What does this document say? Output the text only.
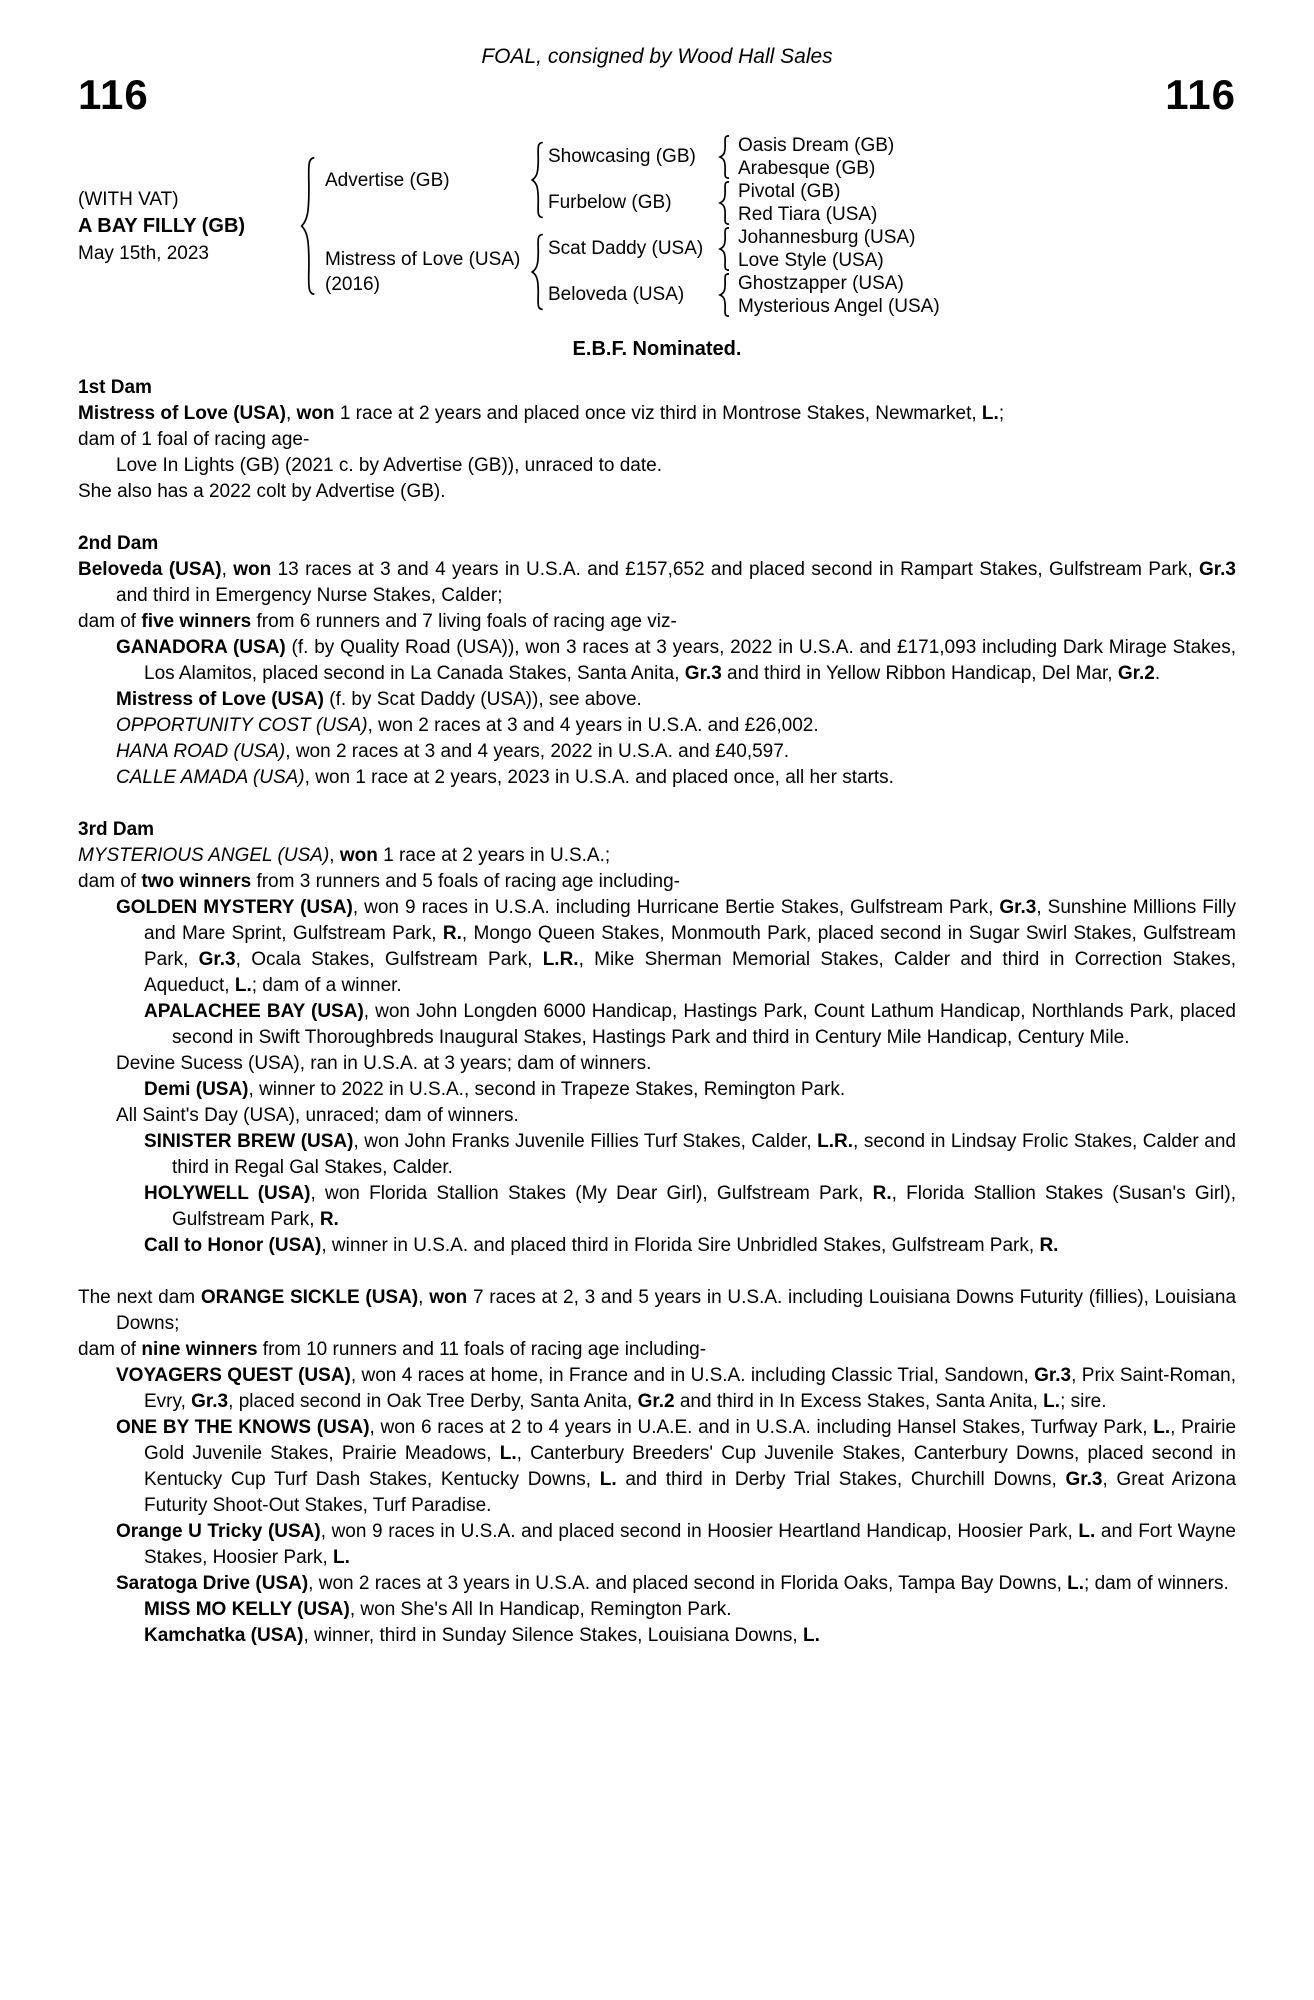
FOAL, consigned by Wood Hall Sales
116	116
(WITH VAT)
A BAY FILLY (GB)
May 15th, 2023
Advertise (GB)
Showcasing (GB)
Oasis Dream (GB)
Arabesque (GB)
Furbelow (GB)
Pivotal (GB)
Red Tiara (USA)
Mistress of Love (USA)
(2016)
Scat Daddy (USA)
Johannesburg (USA)
Love Style (USA)
Beloveda (USA)
Ghostzapper (USA)
Mysterious Angel (USA)
E.B.F. Nominated.
1st Dam

Mistress of Love (USA), won 1 race at 2 years and placed once viz third in Montrose Stakes, Newmarket, L.;

dam of 1 foal of racing age-

Love In Lights (GB) (2021 c. by Advertise (GB)), unraced to date.

She also has a 2022 colt by Advertise (GB).

2nd Dam

Beloveda (USA), won 13 races at 3 and 4 years in U.S.A. and £157,652 and placed second in Rampart Stakes, Gulfstream Park, Gr.3 and third in Emergency Nurse Stakes, Calder;

dam of five winners from 6 runners and 7 living foals of racing age viz-

GANADORA (USA) (f. by Quality Road (USA)), won 3 races at 3 years, 2022 in U.S.A. and £171,093 including Dark Mirage Stakes, Los Alamitos, placed second in La Canada Stakes, Santa Anita, Gr.3 and third in Yellow Ribbon Handicap, Del Mar, Gr.2.

Mistress of Love (USA) (f. by Scat Daddy (USA)), see above.

OPPORTUNITY COST (USA), won 2 races at 3 and 4 years in U.S.A. and £26,002.

HANA ROAD (USA), won 2 races at 3 and 4 years, 2022 in U.S.A. and £40,597.

CALLE AMADA (USA), won 1 race at 2 years, 2023 in U.S.A. and placed once, all her starts.

3rd Dam

MYSTERIOUS ANGEL (USA), won 1 race at 2 years in U.S.A.;

dam of two winners from 3 runners and 5 foals of racing age including-

GOLDEN MYSTERY (USA), won 9 races in U.S.A. including Hurricane Bertie Stakes, Gulfstream Park, Gr.3, Sunshine Millions Filly and Mare Sprint, Gulfstream Park, R., Mongo Queen Stakes, Monmouth Park, placed second in Sugar Swirl Stakes, Gulfstream Park, Gr.3, Ocala Stakes, Gulfstream Park, L.R., Mike Sherman Memorial Stakes, Calder and third in Correction Stakes, Aqueduct, L.; dam of a winner.

APALACHEE BAY (USA), won John Longden 6000 Handicap, Hastings Park, Count Lathum Handicap, Northlands Park, placed second in Swift Thoroughbreds Inaugural Stakes, Hastings Park and third in Century Mile Handicap, Century Mile.

Devine Sucess (USA), ran in U.S.A. at 3 years; dam of winners.

Demi (USA), winner to 2022 in U.S.A., second in Trapeze Stakes, Remington Park.

All Saint's Day (USA), unraced; dam of winners.

SINISTER BREW (USA), won John Franks Juvenile Fillies Turf Stakes, Calder, L.R., second in Lindsay Frolic Stakes, Calder and third in Regal Gal Stakes, Calder.

HOLYWELL (USA), won Florida Stallion Stakes (My Dear Girl), Gulfstream Park, R., Florida Stallion Stakes (Susan's Girl), Gulfstream Park, R.

Call to Honor (USA), winner in U.S.A. and placed third in Florida Sire Unbridled Stakes, Gulfstream Park, R.

The next dam ORANGE SICKLE (USA), won 7 races at 2, 3 and 5 years in U.S.A. including Louisiana Downs Futurity (fillies), Louisiana Downs;

dam of nine winners from 10 runners and 11 foals of racing age including-

VOYAGERS QUEST (USA), won 4 races at home, in France and in U.S.A. including Classic Trial, Sandown, Gr.3, Prix Saint-Roman, Evry, Gr.3, placed second in Oak Tree Derby, Santa Anita, Gr.2 and third in In Excess Stakes, Santa Anita, L.; sire.

ONE BY THE KNOWS (USA), won 6 races at 2 to 4 years in U.A.E. and in U.S.A. including Hansel Stakes, Turfway Park, L., Prairie Gold Juvenile Stakes, Prairie Meadows, L., Canterbury Breeders' Cup Juvenile Stakes, Canterbury Downs, placed second in Kentucky Cup Turf Dash Stakes, Kentucky Downs, L. and third in Derby Trial Stakes, Churchill Downs, Gr.3, Great Arizona Futurity Shoot-Out Stakes, Turf Paradise.

Orange U Tricky (USA), won 9 races in U.S.A. and placed second in Hoosier Heartland Handicap, Hoosier Park, L. and Fort Wayne Stakes, Hoosier Park, L.

Saratoga Drive (USA), won 2 races at 3 years in U.S.A. and placed second in Florida Oaks, Tampa Bay Downs, L.; dam of winners.

MISS MO KELLY (USA), won She's All In Handicap, Remington Park.

Kamchatka (USA), winner, third in Sunday Silence Stakes, Louisiana Downs, L.
